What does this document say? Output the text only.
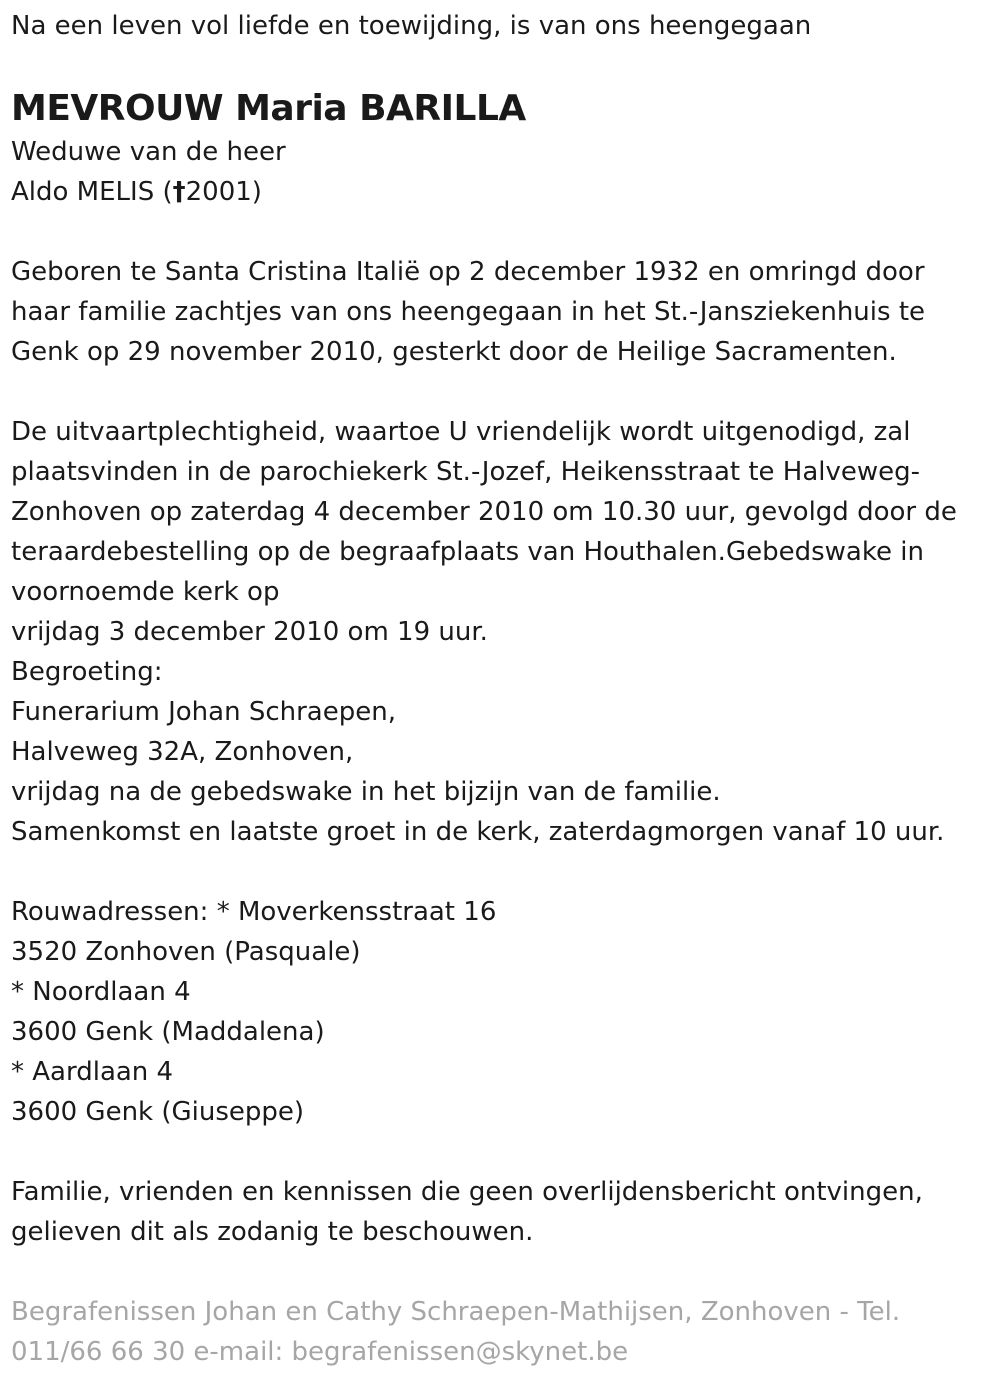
Na een leven vol liefde en toewijding, is van ons heengegaan
MEVROUW Maria BARILLA
Weduwe van de heer
Aldo MELIS (†2001)
Geboren te Santa Cristina Italië op 2 december 1932 en omringd door
haar familie zachtjes van ons heengegaan in het St.-Jansziekenhuis te
Genk op 29 november 2010, gesterkt door de Heilige Sacramenten.
De uitvaartplechtigheid, waartoe U vriendelijk wordt uitgenodigd, zal
plaatsvinden in de parochiekerk St.-Jozef, Heikensstraat te Halveweg-
Zonhoven op zaterdag 4 december 2010 om 10.30 uur, gevolgd door de
teraardebestelling op de begraafplaats van Houthalen.Gebedswake in
voornoemde kerk op
vrijdag 3 december 2010 om 19 uur.
Begroeting:
Funerarium Johan Schraepen,
Halveweg 32A, Zonhoven,
vrijdag na de gebedswake in het bijzijn van de familie.
Samenkomst en laatste groet in de kerk, zaterdagmorgen vanaf 10 uur.
Rouwadressen: * Moverkensstraat 16
3520 Zonhoven (Pasquale)
* Noordlaan 4
3600 Genk (Maddalena)
* Aardlaan 4
3600 Genk (Giuseppe)
Familie, vrienden en kennissen die geen overlijdensbericht ontvingen,
gelieven dit als zodanig te beschouwen.
Begrafenissen Johan en Cathy Schraepen-Mathijsen, Zonhoven - Tel.
011/66 66 30 e-mail: begrafenissen@skynet.be
